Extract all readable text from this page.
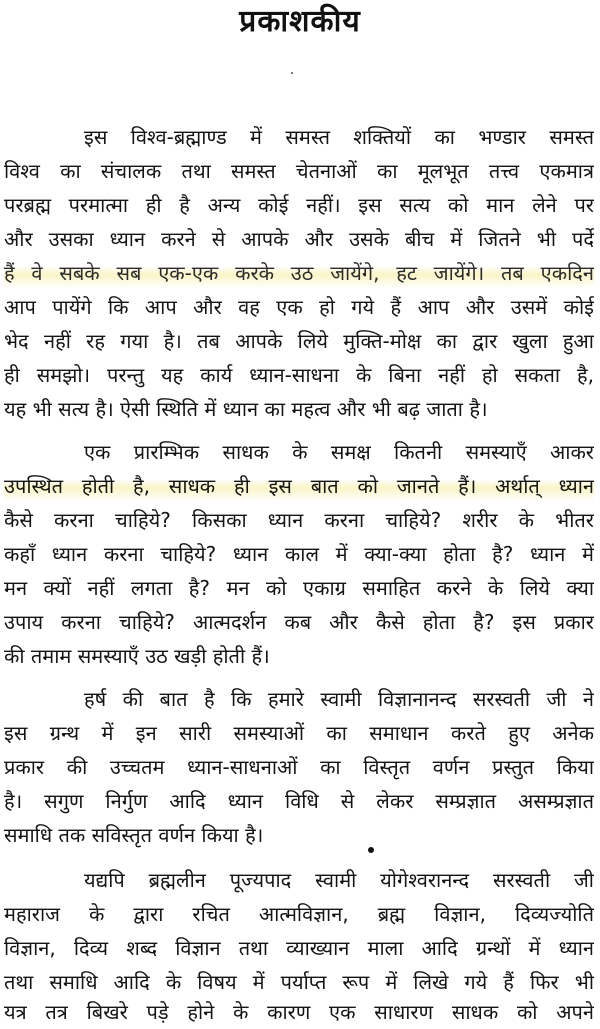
प्रकाशकीय
इस विश्व-ब्रह्माण्ड में समस्त शक्तियों का भण्डार समस्त
विश्व का संचालक तथा समस्त चेतनाओं का मूलभूत तत्त्व एकमात्र
परब्रह्म परमात्मा ही है अन्य कोई नहीं। इस सत्य को मान लेने पर
और उसका ध्यान करने से आपके और उसके बीच में जितने भी पर्दे
हैं वे सबके सब एक-एक करके उठ जायेंगे, हट जायेंगे। तब एकदिन
आप पायेंगे कि आप और वह एक हो गये हैं आप और उसमें कोई
भेद नहीं रह गया है। तब आपके लिये मुक्ति-मोक्ष का द्वार खुला हुआ
ही समझो। परन्तु यह कार्य ध्यान-साधना के बिना नहीं हो सकता है,
यह भी सत्य है। ऐसी स्थिति में ध्यान का महत्व और भी बढ़ जाता है।
एक प्रारम्भिक साधक के समक्ष कितनी समस्याएँ आकर
उपस्थित होती है, साधक ही इस बात को जानते हैं। अर्थात् ध्यान
कैसे करना चाहिये? किसका ध्यान करना चाहिये? शरीर के भीतर
कहाँ ध्यान करना चाहिये? ध्यान काल में क्या-क्या होता है? ध्यान में
मन क्यों नहीं लगता है? मन को एकाग्र समाहित करने के लिये क्या
उपाय करना चाहिये? आत्मदर्शन कब और कैसे होता है? इस प्रकार
की तमाम समस्याएँ उठ खड़ी होती हैं।
हर्ष की बात है कि हमारे स्वामी विज्ञानानन्द सरस्वती जी ने
इस ग्रन्थ में इन सारी समस्याओं का समाधान करते हुए अनेक
प्रकार की उच्चतम ध्यान-साधनाओं का विस्तृत वर्णन प्रस्तुत किया
है। सगुण निर्गुण आदि ध्यान विधि से लेकर सम्प्रज्ञात असम्प्रज्ञात
समाधि तक सविस्तृत वर्णन किया है।
यद्यपि ब्रह्मलीन पूज्यपाद स्वामी योगेश्वरानन्द सरस्वती जी
महाराज के द्वारा रचित आत्मविज्ञान, ब्रह्म विज्ञान, दिव्यज्योति
विज्ञान, दिव्य शब्द विज्ञान तथा व्याख्यान माला आदि ग्रन्थों में ध्यान
तथा समाधि आदि के विषय में पर्याप्त रूप में लिखे गये हैं फिर भी
यत्र तत्र बिखरे पड़े होने के कारण एक साधारण साधक को अपने
